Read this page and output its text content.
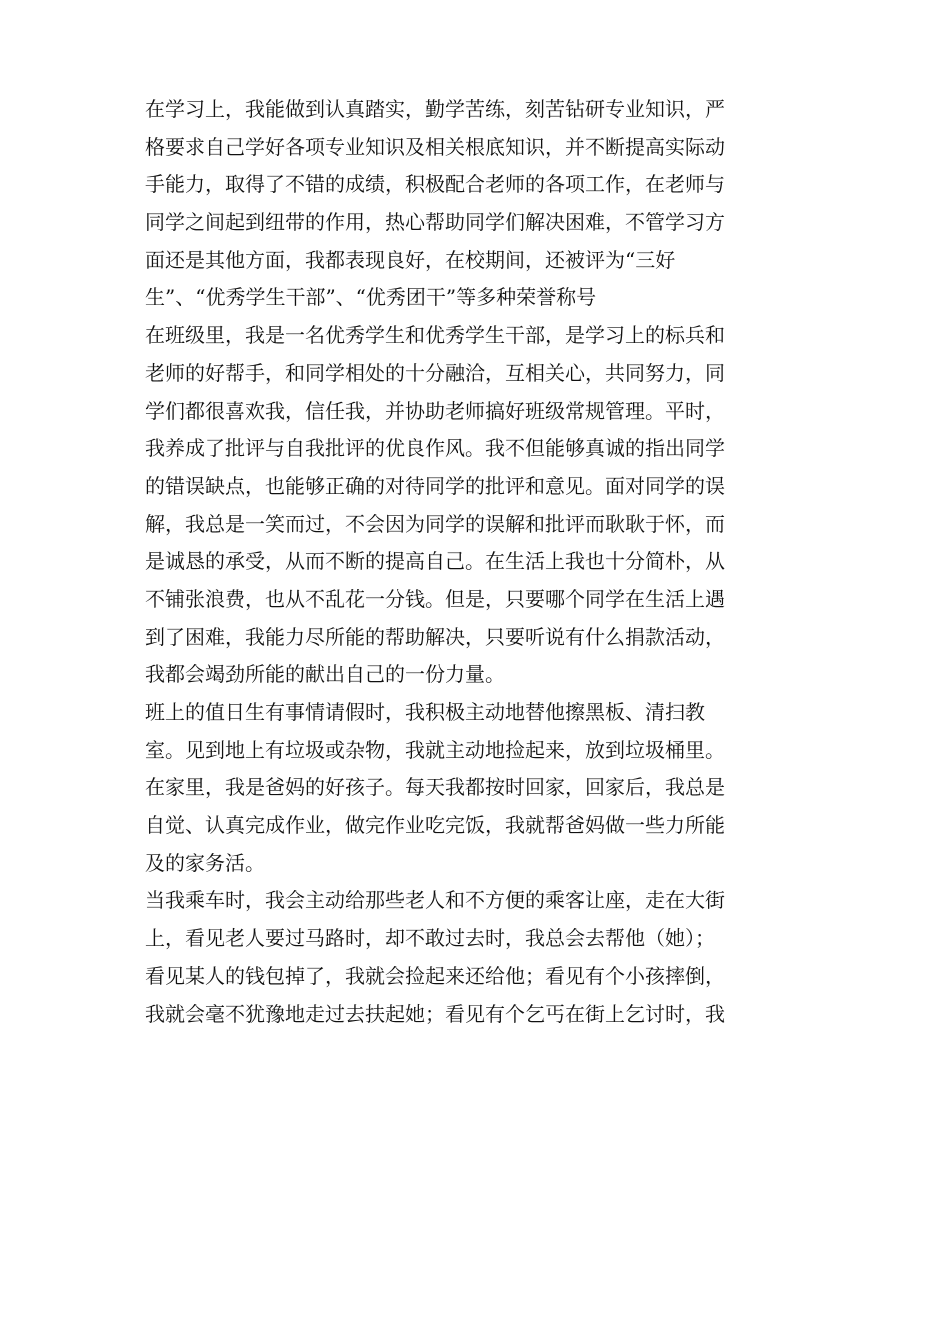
在学习上，我能做到认真踏实，勤学苦练，刻苦钻研专业知识，严
格要求自己学好各项专业知识及相关根底知识，并不断提高实际动
手能力，取得了不错的成绩，积极配合老师的各项工作，在老师与
同学之间起到纽带的作用，热心帮助同学们解决困难，不管学习方
面还是其他方面，我都表现良好，在校期间，还被评为“三好
生”、“优秀学生干部”、“优秀团干”等多种荣誉称号
在班级里，我是一名优秀学生和优秀学生干部，是学习上的标兵和
老师的好帮手，和同学相处的十分融洽，互相关心，共同努力，同
学们都很喜欢我，信任我，并协助老师搞好班级常规管理。平时，
我养成了批评与自我批评的优良作风。我不但能够真诚的指出同学
的错误缺点，也能够正确的对待同学的批评和意见。面对同学的误
解，我总是一笑而过，不会因为同学的误解和批评而耿耿于怀，而
是诚恳的承受，从而不断的提高自己。在生活上我也十分简朴，从
不铺张浪费，也从不乱花一分钱。但是，只要哪个同学在生活上遇
到了困难，我能力尽所能的帮助解决，只要听说有什么捐款活动，
我都会竭劲所能的献出自己的一份力量。
班上的值日生有事情请假时，我积极主动地替他擦黑板、清扫教
室。见到地上有垃圾或杂物，我就主动地捡起来，放到垃圾桶里。
在家里，我是爸妈的好孩子。每天我都按时回家，回家后，我总是
自觉、认真完成作业，做完作业吃完饭，我就帮爸妈做一些力所能
及的家务活。
当我乘车时，我会主动给那些老人和不方便的乘客让座，走在大街
上，看见老人要过马路时，却不敢过去时，我总会去帮他（她）；
看见某人的钱包掉了，我就会捡起来还给他；看见有个小孩摔倒，
我就会毫不犹豫地走过去扶起她；看见有个乞丐在街上乞讨时，我
